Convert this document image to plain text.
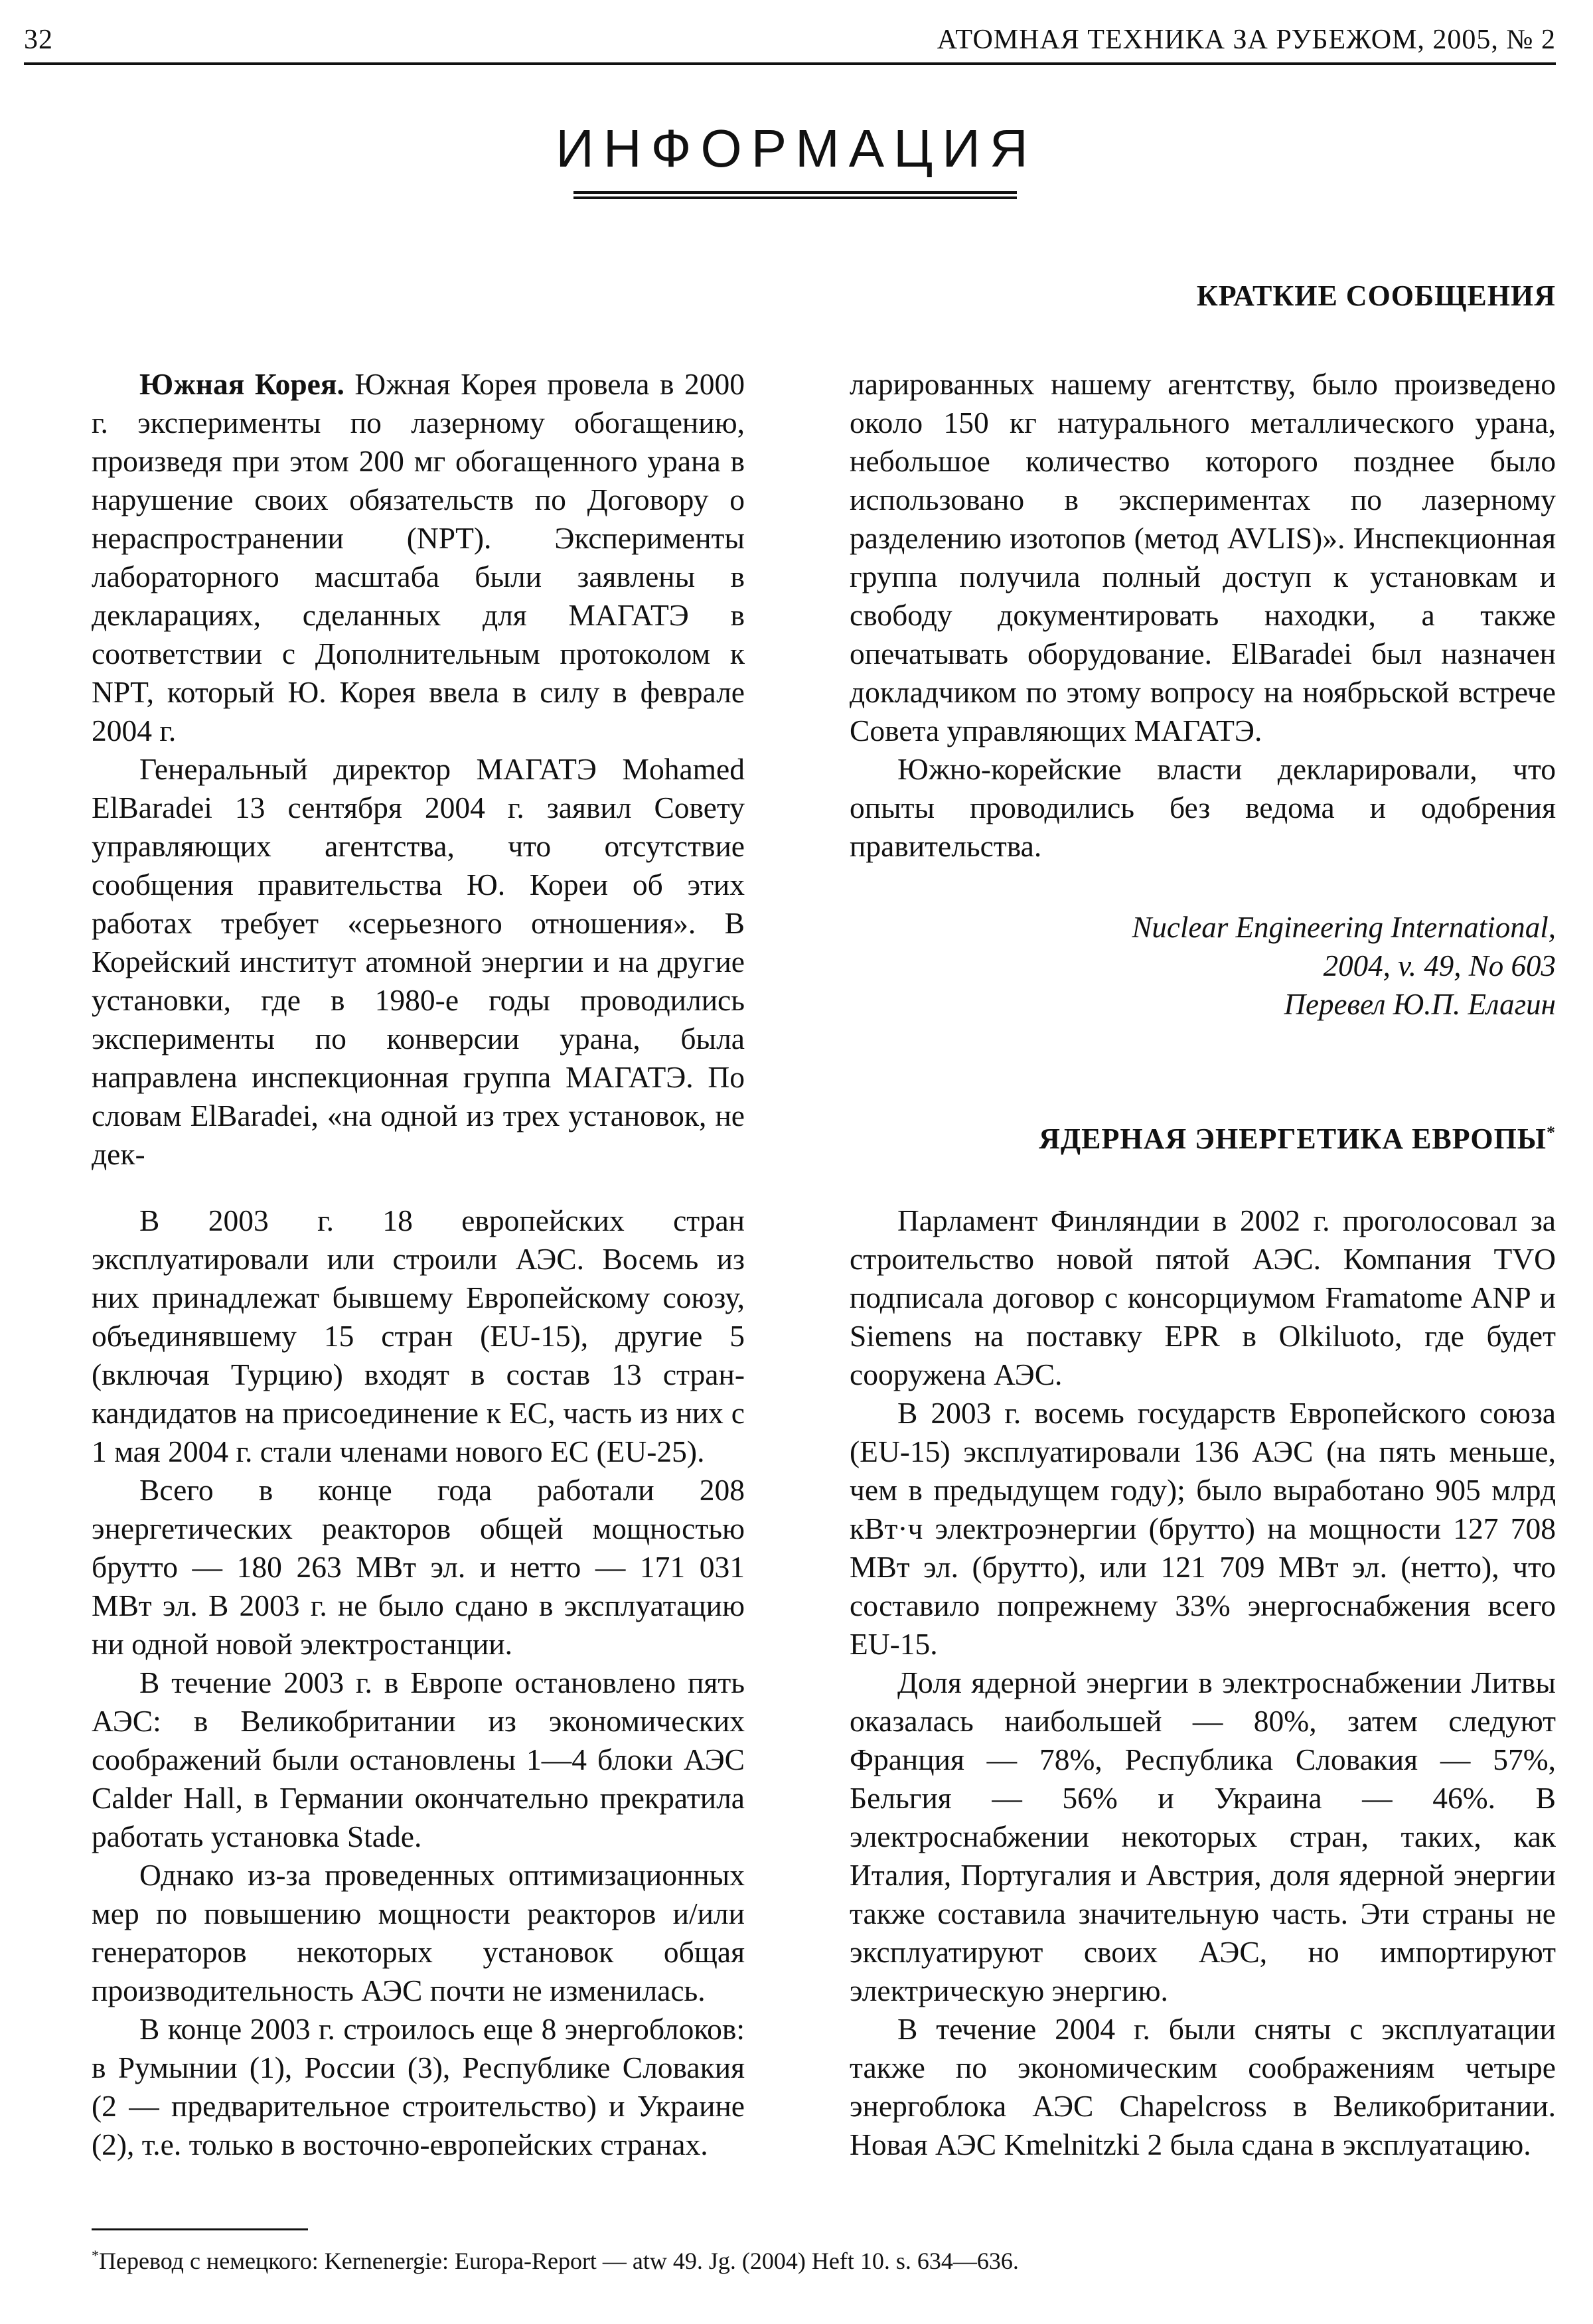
32	АТОМНАЯ ТЕХНИКА ЗА РУБЕЖОМ, 2005, № 2
ИНФОРМАЦИЯ
КРАТКИЕ СООБЩЕНИЯ

Южная Корея. Южная Корея провела в 2000 г. эксперименты по лазерному обогащению, произведя при этом 200 мг обогащенного урана в нарушение своих обязательств по Договору о нераспространении (NPT). Эксперименты лабораторного масштаба были заявлены в декларациях, сделанных для МАГАТЭ в соответствии с Дополнительным протоколом к NPT, который Ю. Корея ввела в силу в феврале 2004 г.

Генеральный директор МАГАТЭ Mohamed ElBaradei 13 сентября 2004 г. заявил Совету управляющих агентства, что отсутствие сообщения правительства Ю. Кореи об этих работах требует «серьезного отношения». В Корейский институт атомной энергии и на другие установки, где в 1980-е годы проводились эксперименты по конверсии урана, была направлена инспекционная группа МАГАТЭ. По словам ElBaradei, «на одной из трех установок, не дек-

ларированных нашему агентству, было произведено около 150 кг натурального металлического урана, небольшое количество которого позднее было использовано в экспериментах по лазерному разделению изотопов (метод AVLIS)». Инспекционная группа получила полный доступ к установкам и свободу документировать находки, а также опечатывать оборудование. ElBaradei был назначен докладчиком по этому вопросу на ноябрьской встрече Совета управляющих МАГАТЭ.

Южно-корейские власти декларировали, что опыты проводились без ведома и одобрения правительства.

Nuclear Engineering International,
2004, v. 49, No 603
Перевел Ю.П. Елагин
ЯДЕРНАЯ ЭНЕРГЕТИКА ЕВРОПЫ*

В 2003 г. 18 европейских стран эксплуатировали или строили АЭС. Восемь из них принадлежат бывшему Европейскому союзу, объединявшему 15 стран (EU-15), другие 5 (включая Турцию) входят в состав 13 стран-кандидатов на присоединение к ЕС, часть из них с 1 мая 2004 г. стали членами нового ЕС (EU-25).

Всего в конце года работали 208 энергетических реакторов общей мощностью брутто — 180 263 МВт эл. и нетто — 171 031 МВт эл. В 2003 г. не было сдано в эксплуатацию ни одной новой электростанции.

В течение 2003 г. в Европе остановлено пять АЭС: в Великобритании из экономических соображений были остановлены 1—4 блоки АЭС Calder Hall, в Германии окончательно прекратила работать установка Stade.

Однако из-за проведенных оптимизационных мер по повышению мощности реакторов и/или генераторов некоторых установок общая производительность АЭС почти не изменилась.

В конце 2003 г. строилось еще 8 энергоблоков: в Румынии (1), России (3), Республике Словакия (2 — предварительное строительство) и Украине (2), т.е. только в восточно-европейских странах.

Парламент Финляндии в 2002 г. проголосовал за строительство новой пятой АЭС. Компания TVO подписала договор с консорциумом Framatome ANP и Siemens на поставку EPR в Olkiluoto, где будет сооружена АЭС.

В 2003 г. восемь государств Европейского союза (EU-15) эксплуатировали 136 АЭС (на пять меньше, чем в предыдущем году); было выработано 905 млрд кВт·ч электроэнергии (брутто) на мощности 127 708 МВт эл. (брутто), или 121 709 МВт эл. (нетто), что составило попрежнему 33% энергоснабжения всего EU-15.

Доля ядерной энергии в электроснабжении Литвы оказалась наибольшей — 80%, затем следуют Франция — 78%, Республика Словакия — 57%, Бельгия — 56% и Украина — 46%. В электроснабжении некоторых стран, таких, как Италия, Португалия и Австрия, доля ядерной энергии также составила значительную часть. Эти страны не эксплуатируют своих АЭС, но импортируют электрическую энергию.

В течение 2004 г. были сняты с эксплуатации также по экономическим соображениям четыре энергоблока АЭС Chapelcross в Великобритании. Новая АЭС Kmelnitzki 2 была сдана в эксплуатацию.

*Перевод с немецкого: Kernenergie: Europa-Report — atw 49. Jg. (2004) Heft 10. s. 634—636.
